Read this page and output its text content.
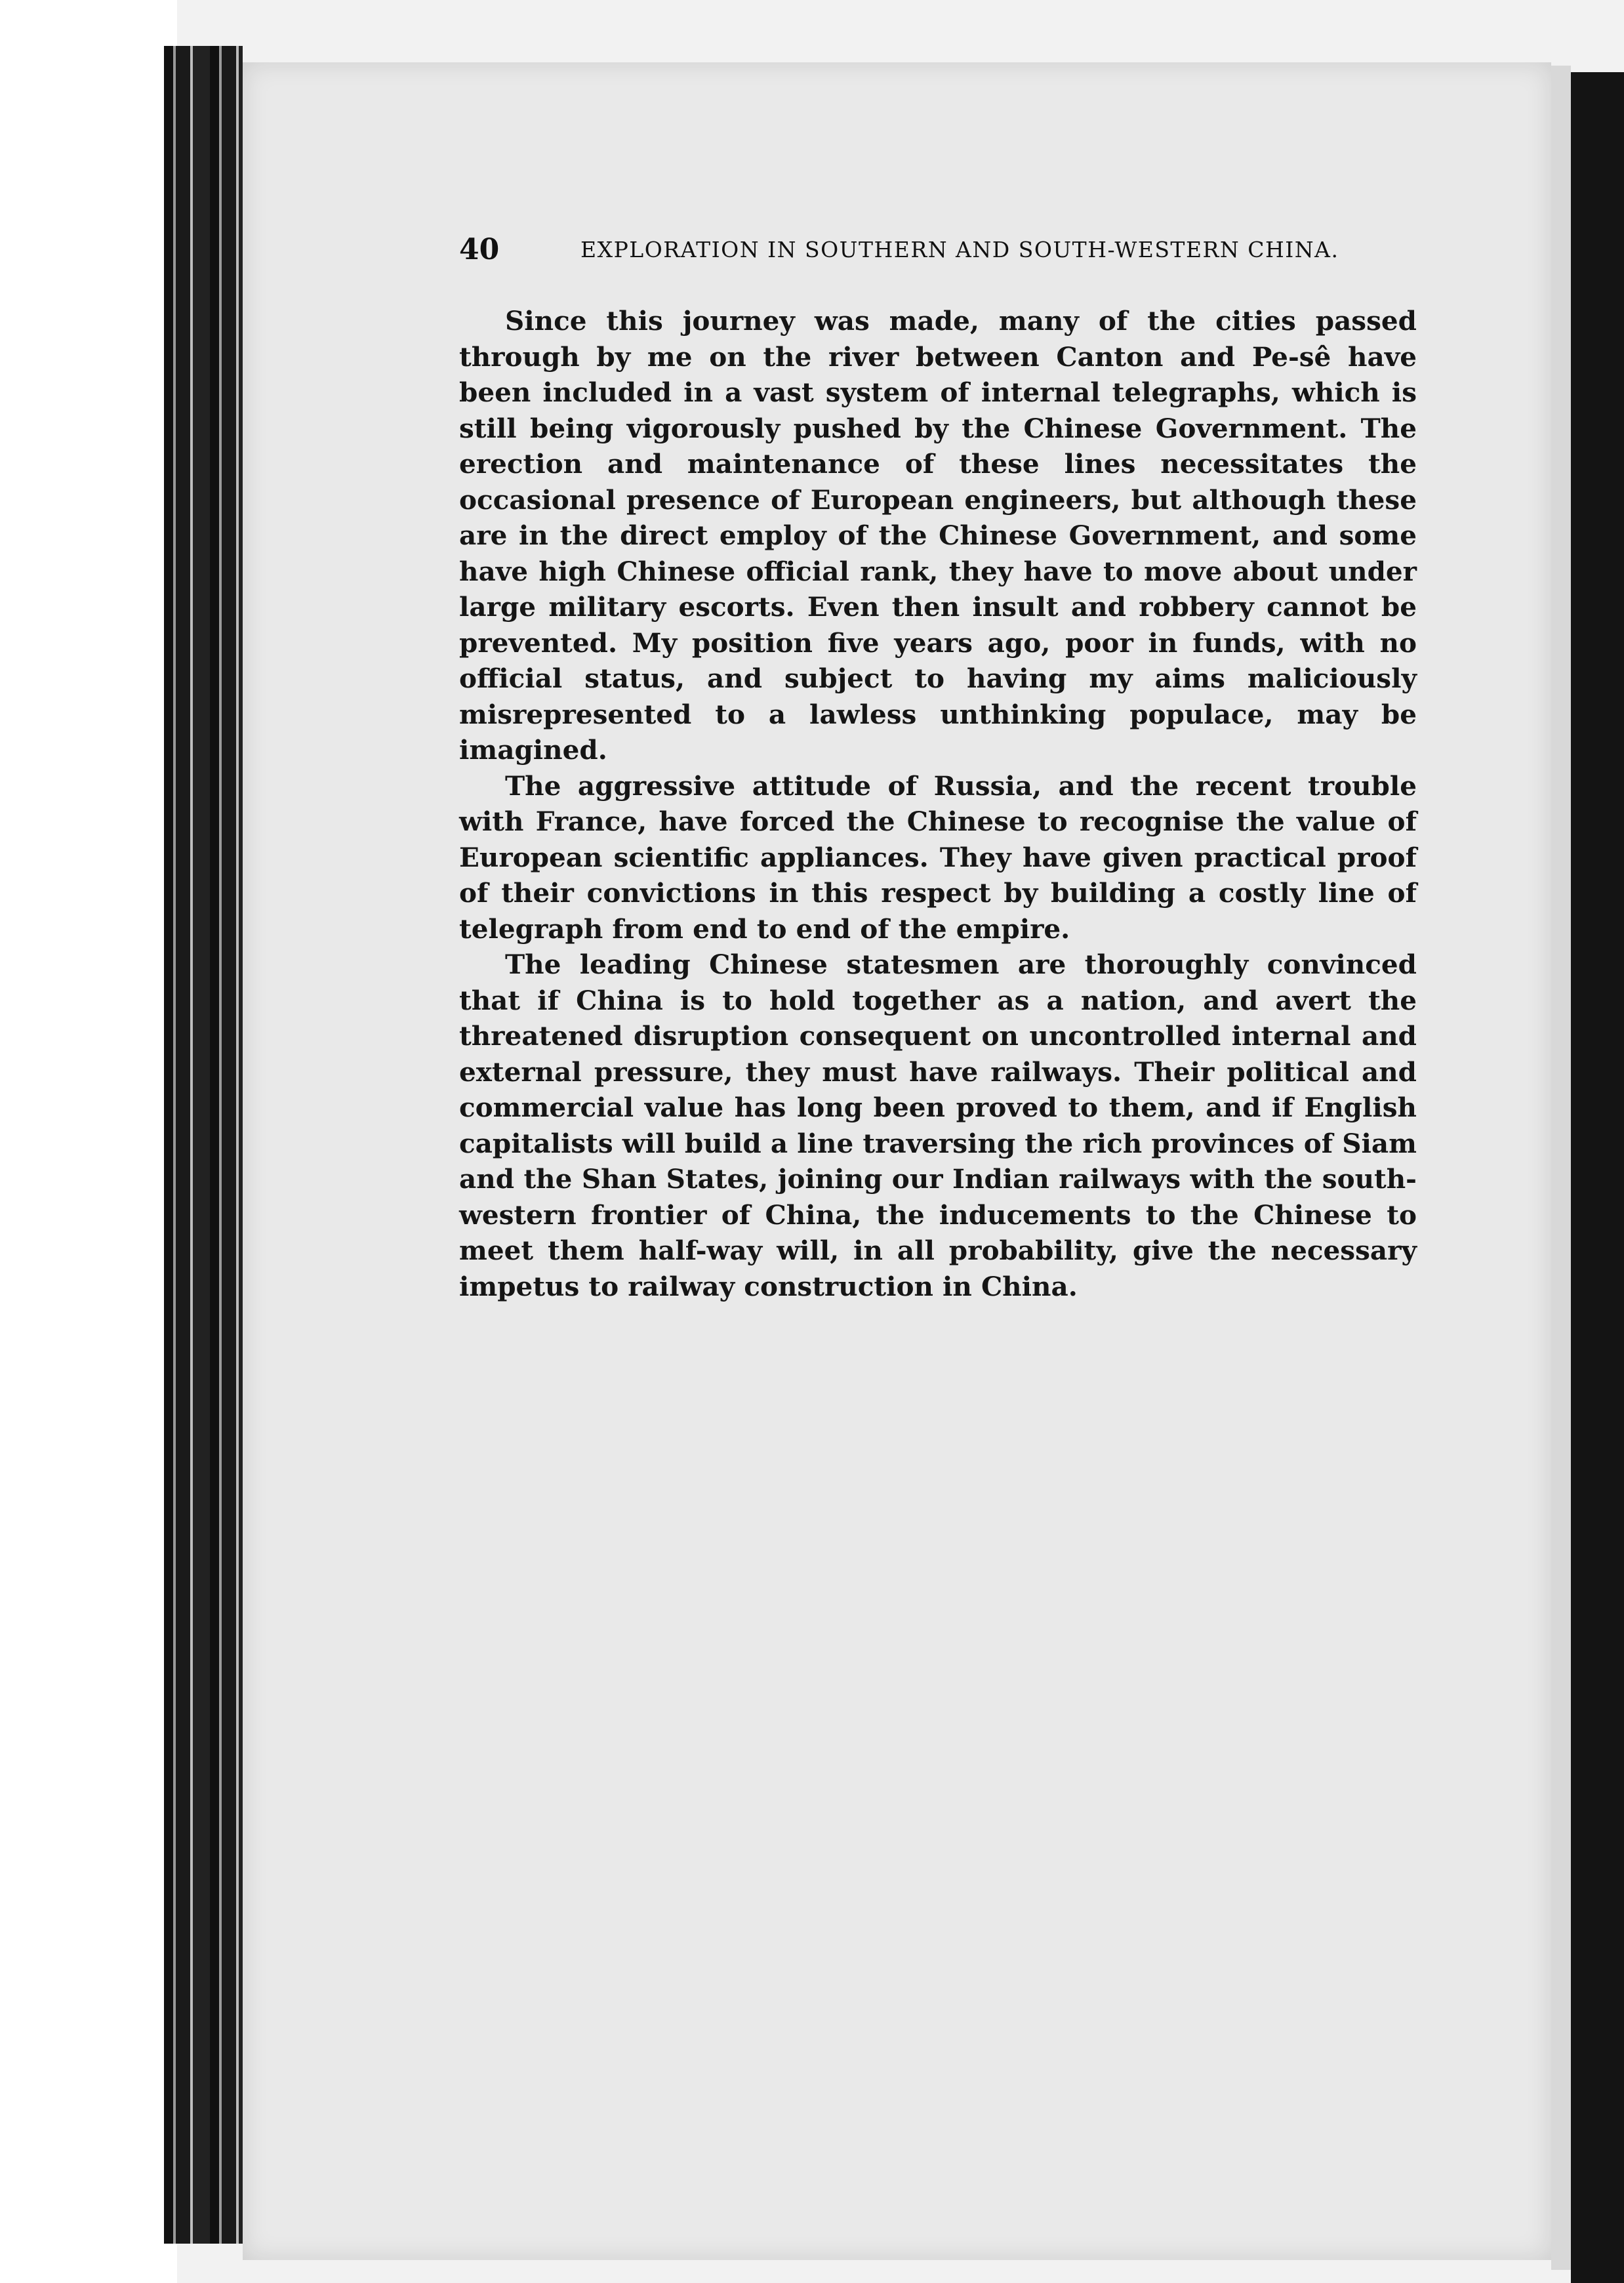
40	EXPLORATION IN SOUTHERN AND SOUTH-WESTERN CHINA.

Since this journey was made, many of the cities passed through by me on the river between Canton and Pe-sê have been included in a vast system of internal telegraphs, which is still being vigorously pushed by the Chinese Government. The erection and maintenance of these lines necessitates the occasional presence of European engineers, but although these are in the direct employ of the Chinese Government, and some have high Chinese official rank, they have to move about under large military escorts. Even then insult and robbery cannot be prevented. My position five years ago, poor in funds, with no official status, and subject to having my aims maliciously misrepresented to a lawless unthinking populace, may be imagined.

The aggressive attitude of Russia, and the recent trouble with France, have forced the Chinese to recognise the value of European scientific appliances. They have given practical proof of their convictions in this respect by building a costly line of telegraph from end to end of the empire.

The leading Chinese statesmen are thoroughly convinced that if China is to hold together as a nation, and avert the threatened disruption consequent on uncontrolled internal and external pressure, they must have railways. Their political and commercial value has long been proved to them, and if English capitalists will build a line traversing the rich provinces of Siam and the Shan States, joining our Indian railways with the south-western frontier of China, the inducements to the Chinese to meet them half-way will, in all probability, give the necessary impetus to railway construction in China.
